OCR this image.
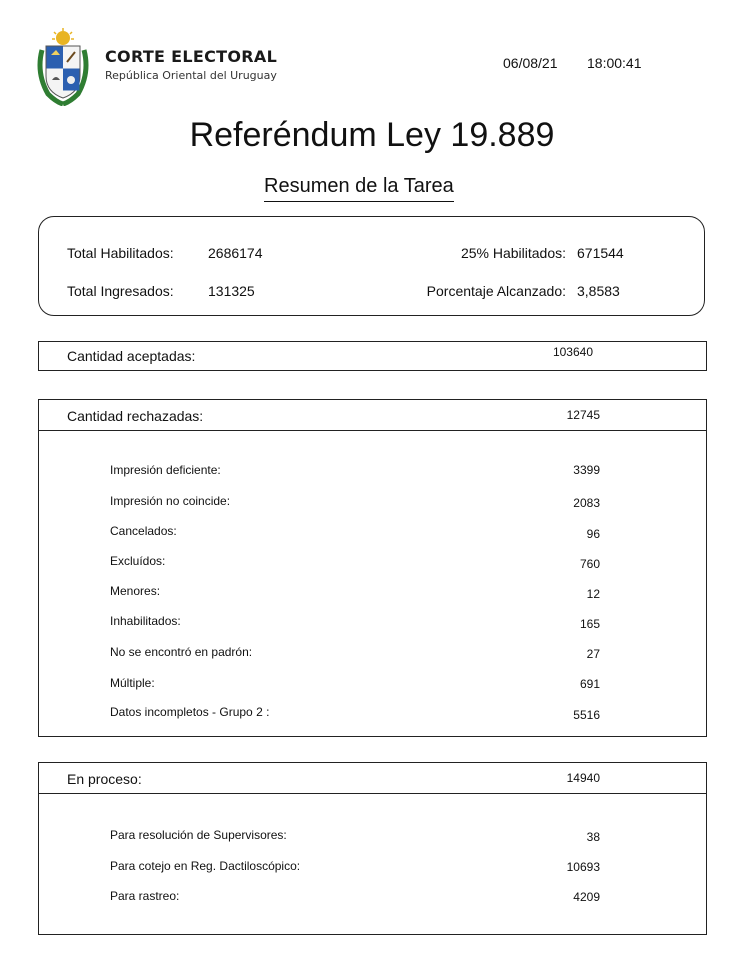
CORTE ELECTORAL
República Oriental del Uruguay
06/08/21 18:00:41
Referéndum Ley 19.889
Resumen de la Tarea
Total Habilitados: 2686174	25% Habilitados: 671544
Total Ingresados: 131325	Porcentaje Alcanzado: 3,8583
Cantidad aceptadas:	103640
Cantidad rechazadas:	12745
Impresión deficiente:	3399
Impresión no coincide:	2083
Cancelados:	96
Excluídos:	760
Menores:	12
Inhabilitados:	165
No se encontró en padrón:	27
Múltiple:	691
Datos incompletos - Grupo 2 :	5516
En proceso:	14940
Para resolución de Supervisores:	38
Para cotejo en Reg. Dactiloscópico:	10693
Para rastreo:	4209
